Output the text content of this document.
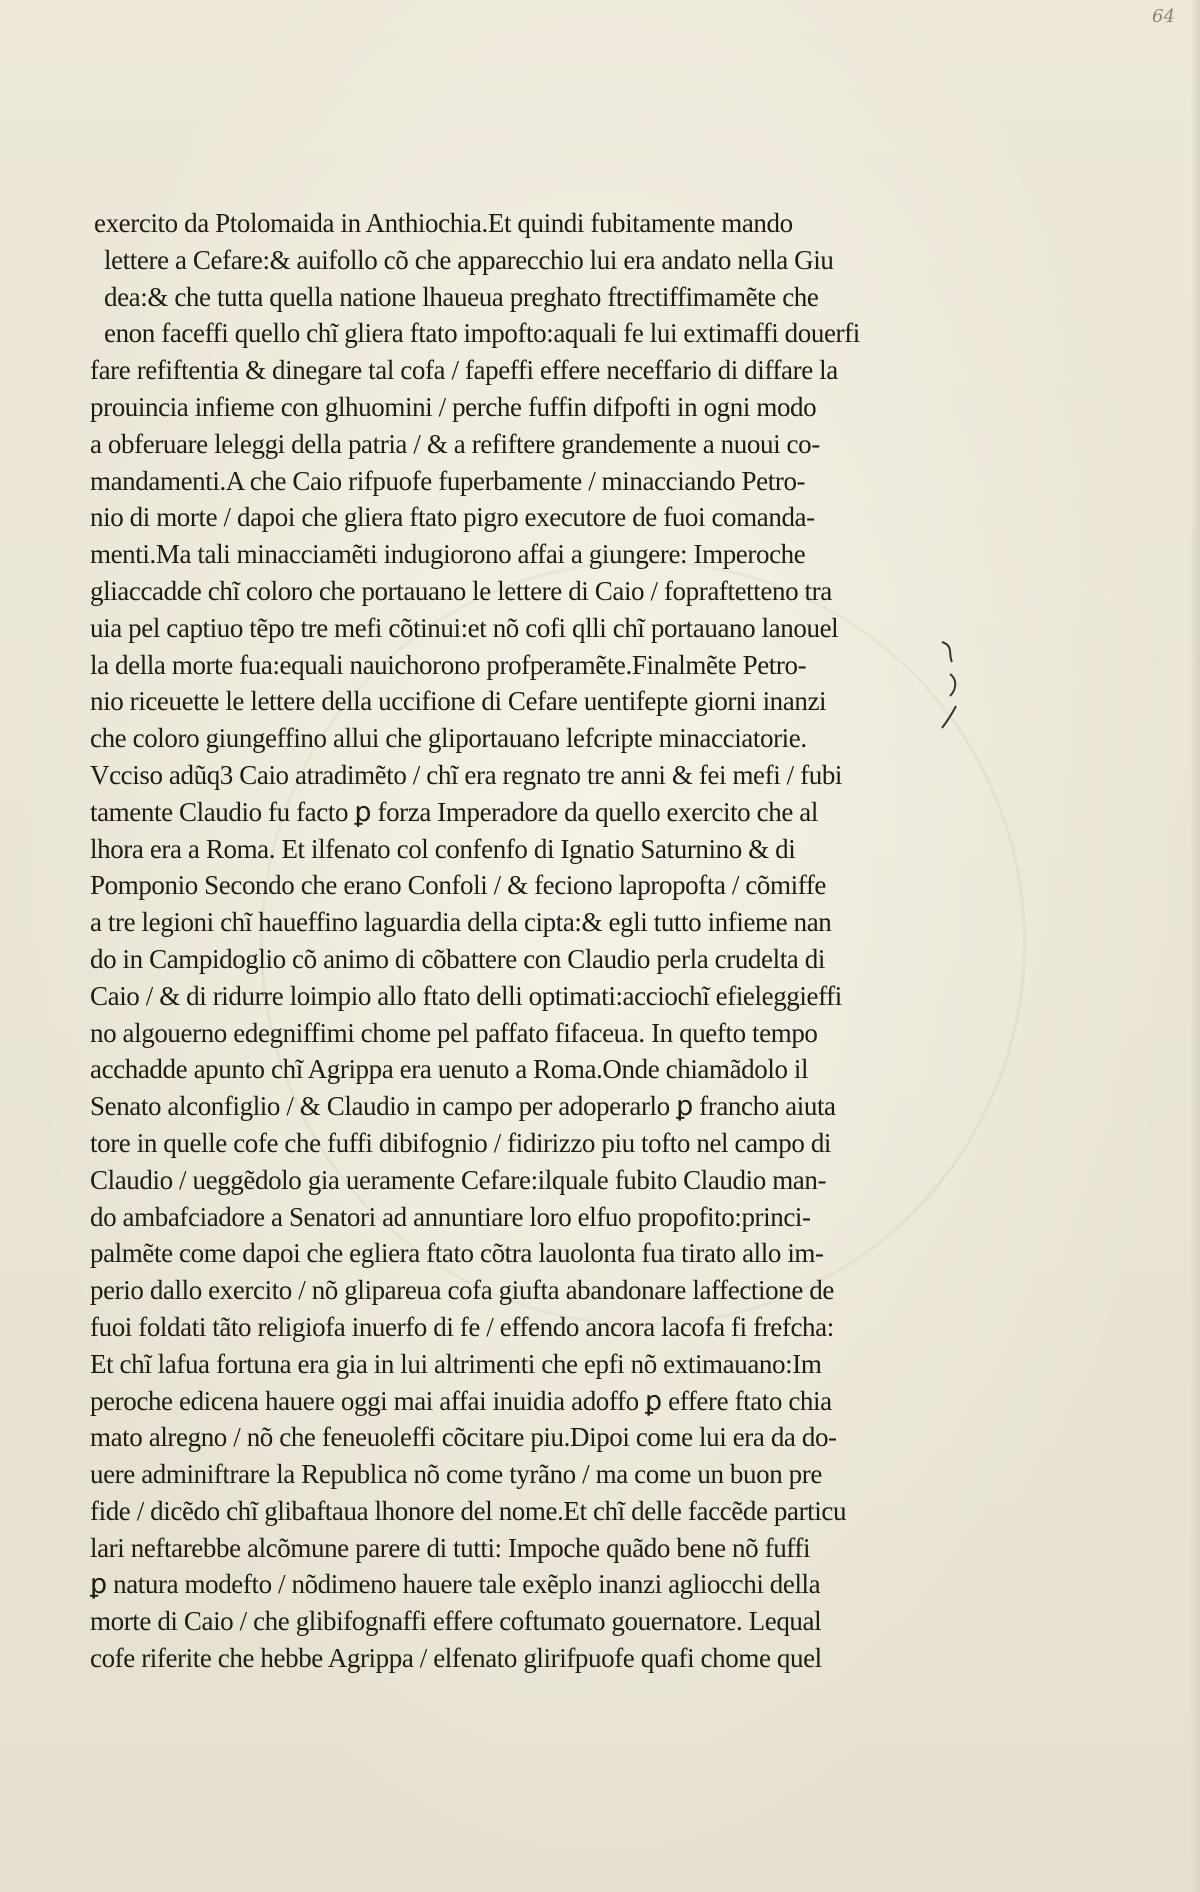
64
exercito da Ptolomaida in Anthiochia.Et quindi fubitamente mando
lettere a Cefare:& auifollo cõ che apparecchio lui era andato nella Giu
dea:& che tutta quella natione lhaueua preghato ftrectiffimamẽte che
enon faceffi quello chĩ gliera ftato impofto:aquali fe lui extimaffi douerfi
fare refiftentia & dinegare tal cofa / fapeffi effere neceffario di diffare la
prouincia infieme con glhuomini / perche fuffin difpofti in ogni modo
a obferuare leleggi della patria / & a refiftere grandemente a nuoui co-
mandamenti.A che Caio rifpuofe fuperbamente / minacciando Petro-
nio di morte / dapoi che gliera ftato pigro executore de fuoi comanda-
menti.Ma tali minacciamẽti indugiorono affai a giungere: Imperoche
gliaccadde chĩ coloro che portauano le lettere di Caio / fopraftetteno tra
uia pel captiuo tẽpo tre mefi cõtinui:et nõ cofi qlli chĩ portauano lanouel
la della morte fua:equali nauichorono profperamẽte.Finalmẽte Petro-
nio riceuette le lettere della uccifione di Cefare uentifepte giorni inanzi
che coloro giungeffino allui che gliportauano lefcripte minacciatorie.
Vcciso adũq3 Caio atradimẽto / chĩ era regnato tre anni & fei mefi / fubi
tamente Claudio fu facto ꝑ forza Imperadore da quello exercito che al
lhora era a Roma. Et ilfenato col confenfo di Ignatio Saturnino & di
Pomponio Secondo che erano Confoli / & feciono lapropofta / cõmiffe
a tre legioni chĩ haueffino laguardia della cipta:& egli tutto infieme nan
do in Campidoglio cõ animo di cõbattere con Claudio perla crudelta di
Caio / & di ridurre loimpio allo ftato delli optimati:acciochĩ efieleggieffi
no algouerno edegniffimi chome pel paffato fifaceua. In quefto tempo
acchadde apunto chĩ Agrippa era uenuto a Roma.Onde chiamãdolo il
Senato alconfiglio / & Claudio in campo per adoperarlo ꝑ francho aiuta
tore in quelle cofe che fuffi dibifognio / fidirizzo piu tofto nel campo di
Claudio / ueggẽdolo gia ueramente Cefare:ilquale fubito Claudio man-
do ambafciadore a Senatori ad annuntiare loro elfuo propofito:princi-
palmẽte come dapoi che egliera ftato cõtra lauolonta fua tirato allo im-
perio dallo exercito / nõ glipareua cofa giufta abandonare laffectione de
fuoi foldati tãto religiofa inuerfo di fe / effendo ancora lacofa fi frefcha:
Et chĩ lafua fortuna era gia in lui altrimenti che epfi nõ extimauano:Im
peroche edicena hauere oggi mai affai inuidia adoffo ꝑ effere ftato chia
mato alregno / nõ che feneuoleffi cõcitare piu.Dipoi come lui era da do-
uere adminiftrare la Republica nõ come tyrãno / ma come un buon pre
fide / dicẽdo chĩ glibaftaua lhonore del nome.Et chĩ delle faccẽde particu
lari neftarebbe alcõmune parere di tutti: Impoche quãdo bene nõ fuffi
ꝑ natura modefto / nõdimeno hauere tale exẽplo inanzi agliocchi della
morte di Caio / che glibifognaffi effere coftumato gouernatore. Lequal
cofe riferite che hebbe Agrippa / elfenato glirifpuofe quafi chome quel
